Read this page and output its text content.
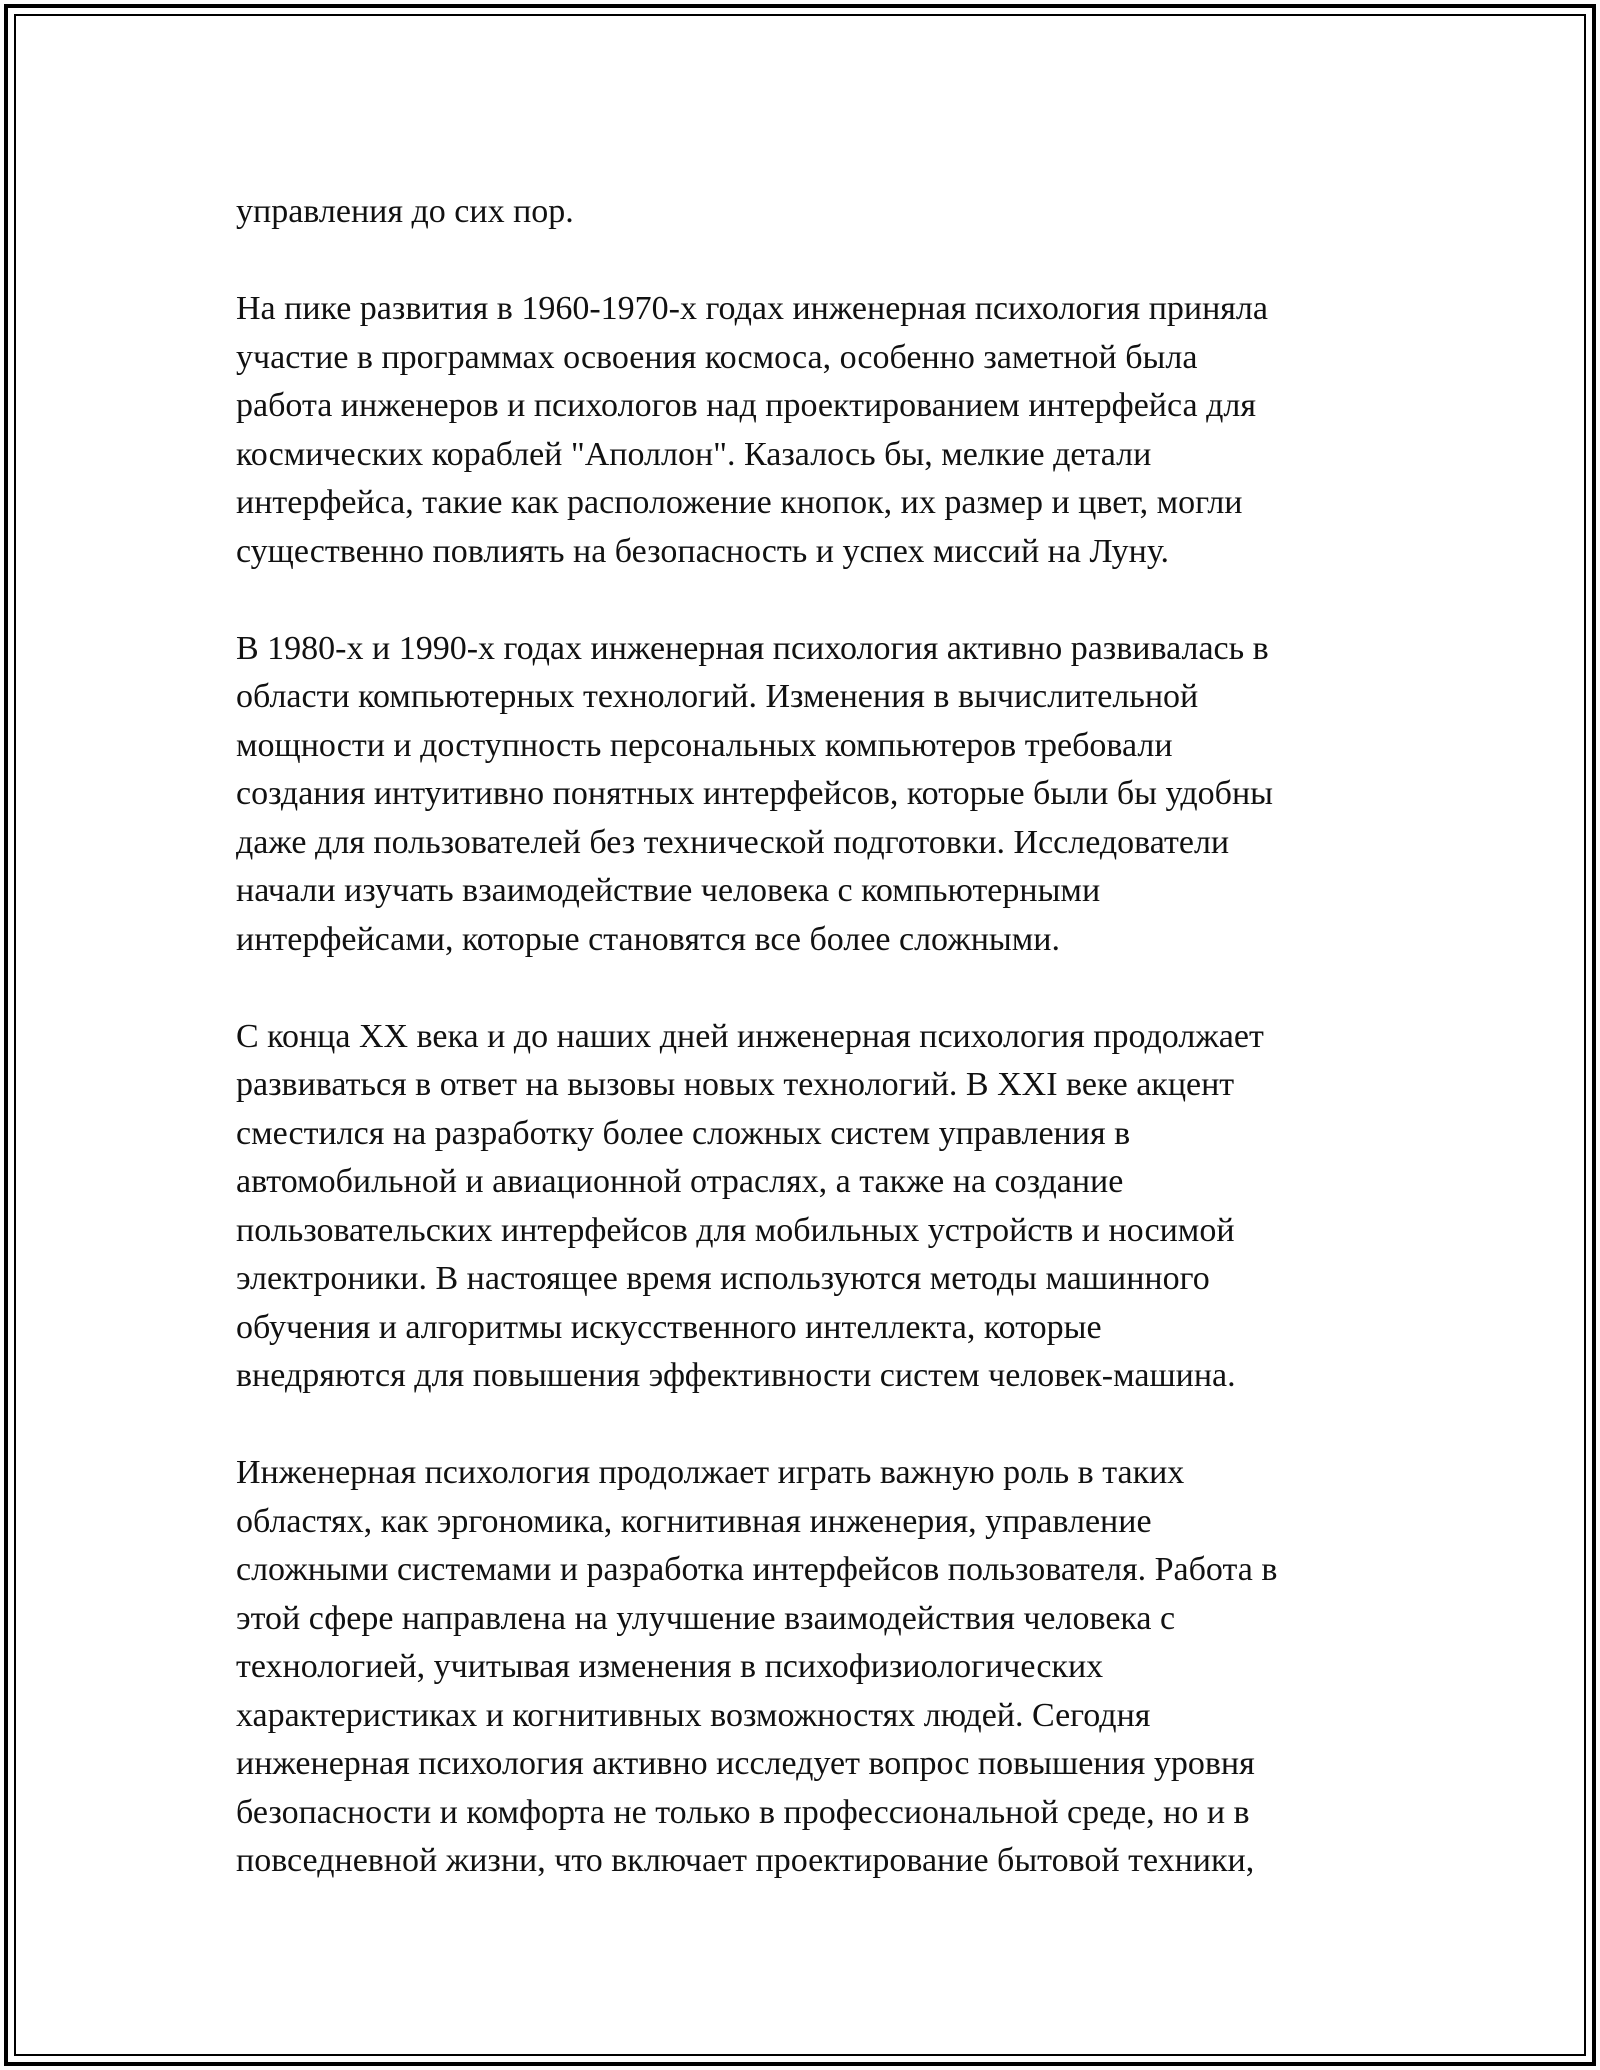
управления до сих пор.
На пике развития в 1960-1970-х годах инженерная психология приняла
участие в программах освоения космоса, особенно заметной была
работа инженеров и психологов над проектированием интерфейса для
космических кораблей "Аполлон". Казалось бы, мелкие детали
интерфейса, такие как расположение кнопок, их размер и цвет, могли
существенно повлиять на безопасность и успех миссий на Луну.
В 1980-х и 1990-х годах инженерная психология активно развивалась в
области компьютерных технологий. Изменения в вычислительной
мощности и доступность персональных компьютеров требовали
создания интуитивно понятных интерфейсов, которые были бы удобны
даже для пользователей без технической подготовки. Исследователи
начали изучать взаимодействие человека с компьютерными
интерфейсами, которые становятся все более сложными.
С конца XX века и до наших дней инженерная психология продолжает
развиваться в ответ на вызовы новых технологий. В XXI веке акцент
сместился на разработку более сложных систем управления в
автомобильной и авиационной отраслях, а также на создание
пользовательских интерфейсов для мобильных устройств и носимой
электроники. В настоящее время используются методы машинного
обучения и алгоритмы искусственного интеллекта, которые
внедряются для повышения эффективности систем человек-машина.
Инженерная психология продолжает играть важную роль в таких
областях, как эргономика, когнитивная инженерия, управление
сложными системами и разработка интерфейсов пользователя. Работа в
этой сфере направлена на улучшение взаимодействия человека с
технологией, учитывая изменения в психофизиологических
характеристиках и когнитивных возможностях людей. Сегодня
инженерная психология активно исследует вопрос повышения уровня
безопасности и комфорта не только в профессиональной среде, но и в
повседневной жизни, что включает проектирование бытовой техники,
